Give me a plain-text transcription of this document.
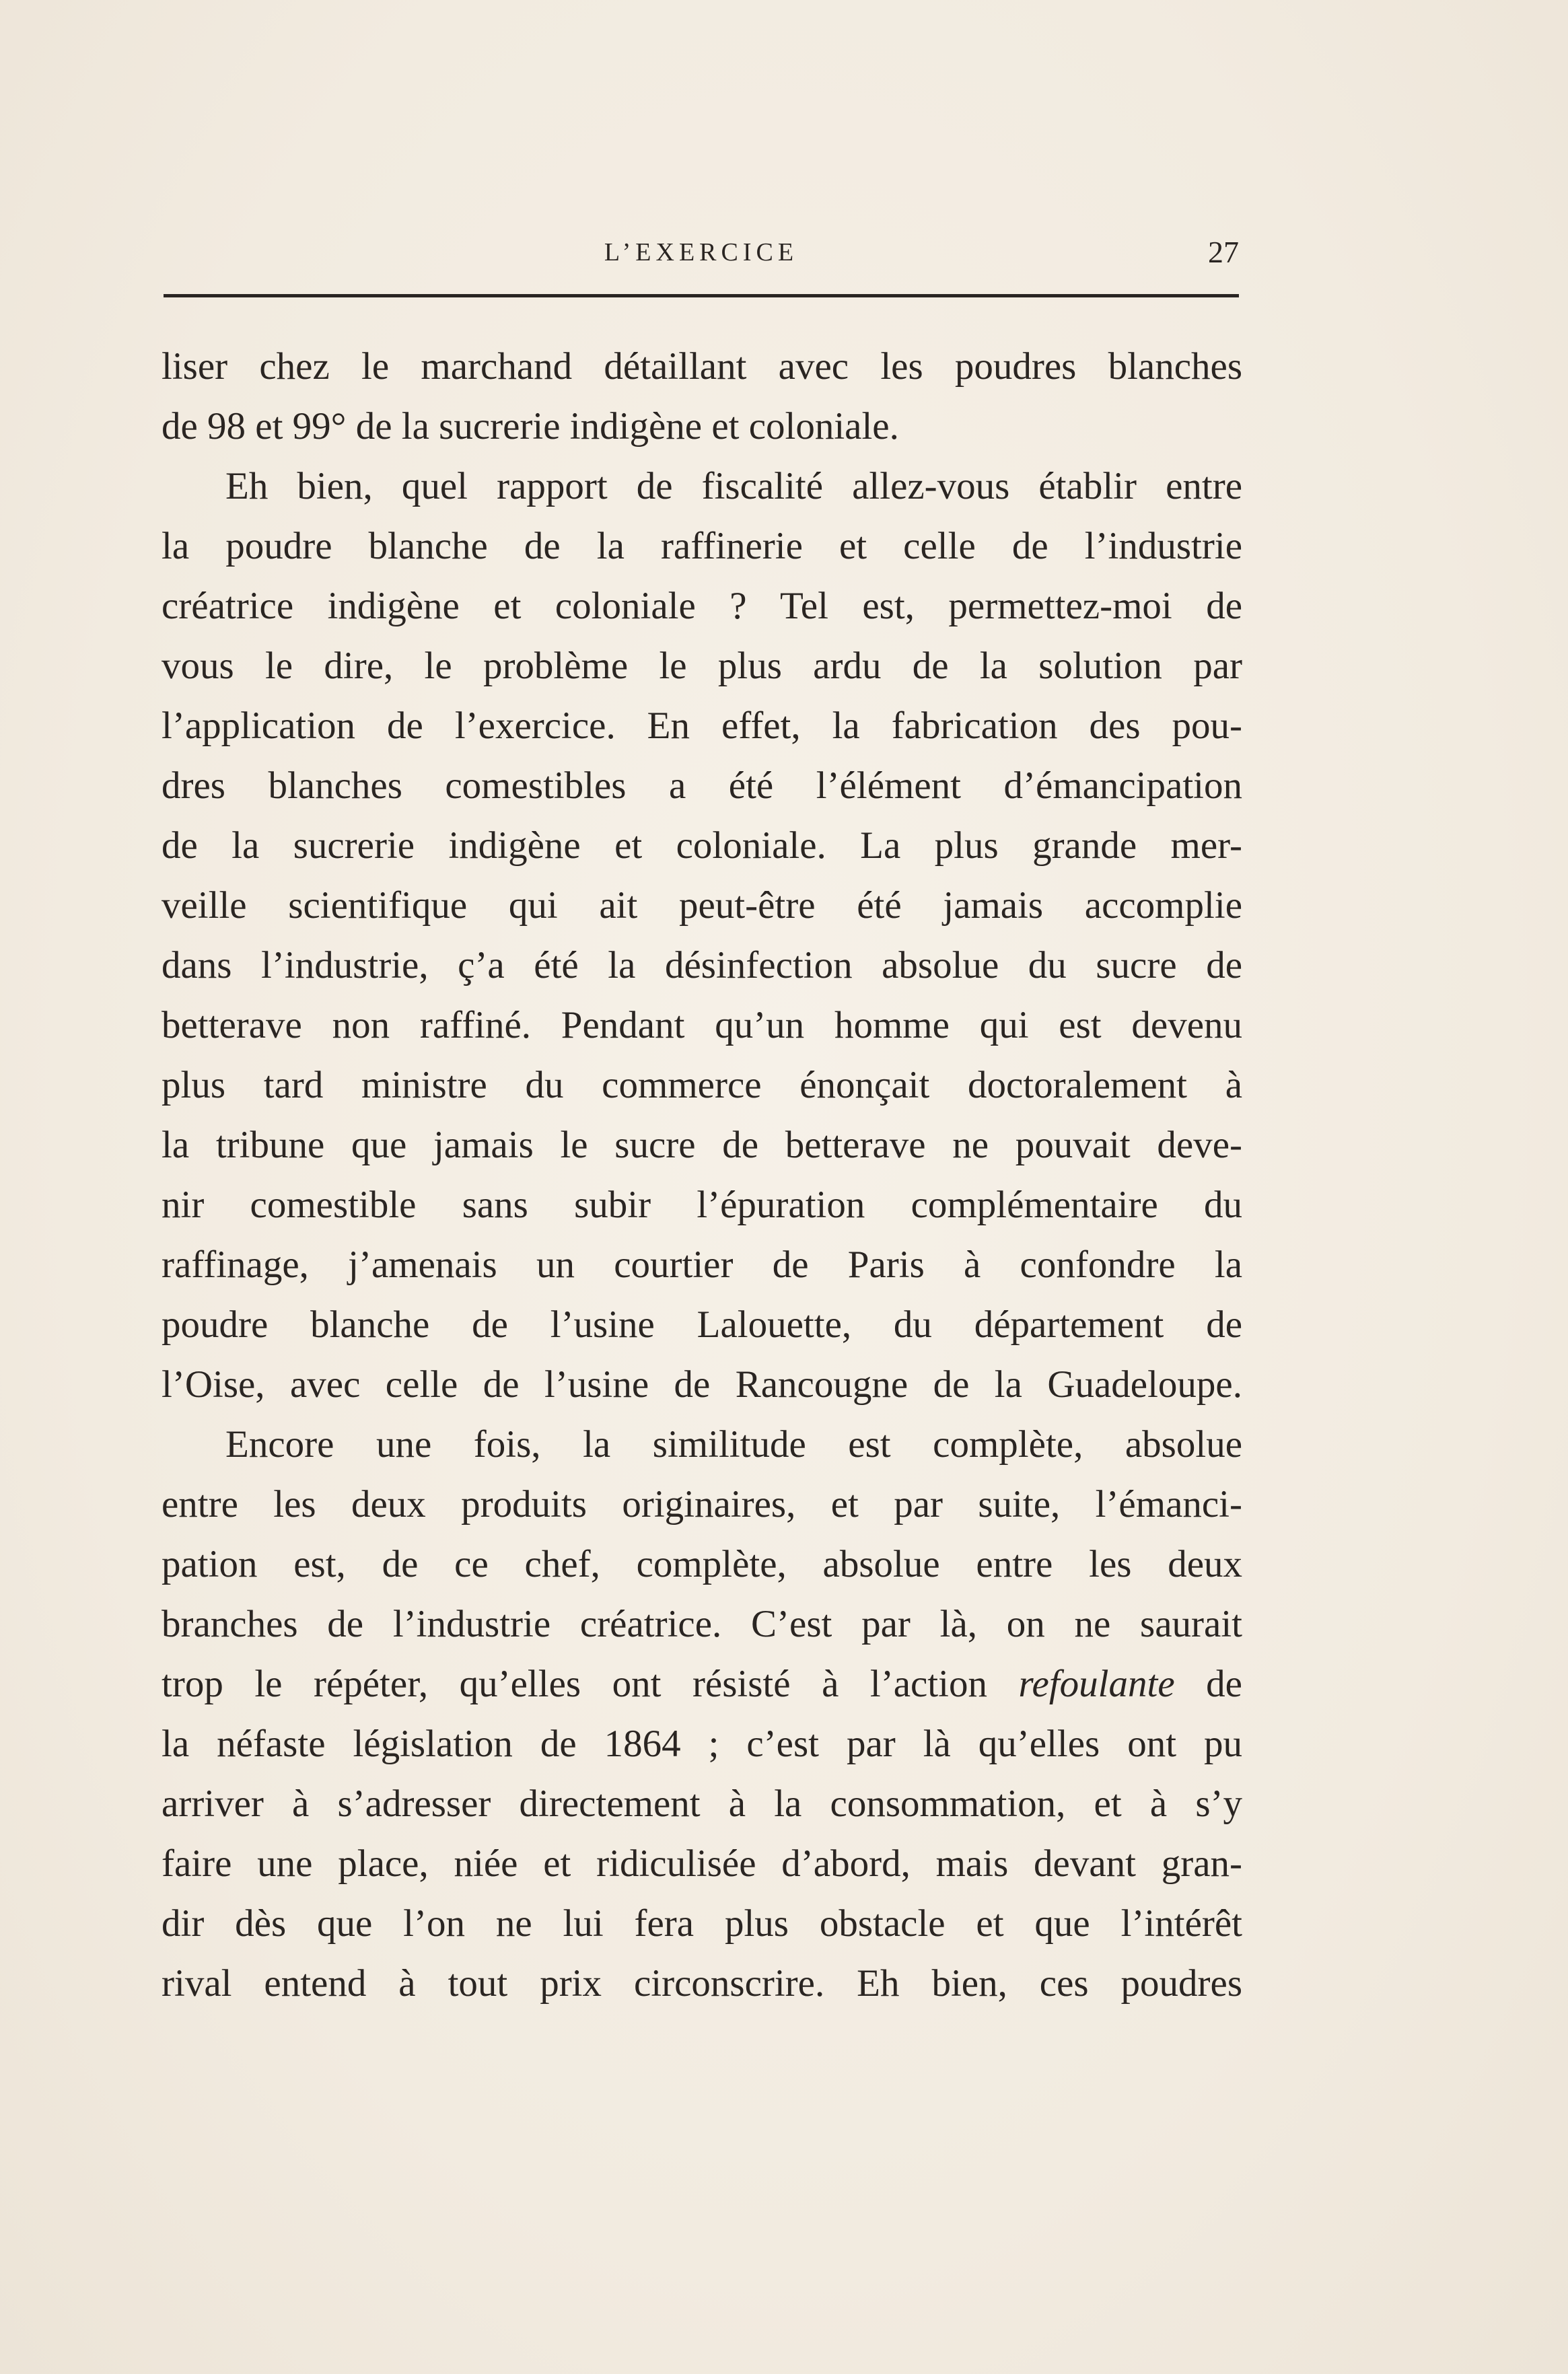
L’EXERCICE	27
liser chez le marchand détaillant avec les poudres blanches
de 98 et 99° de la sucrerie indigène et coloniale.
Eh bien, quel rapport de fiscalité allez-vous établir entre
la poudre blanche de la raffinerie et celle de l’industrie
créatrice indigène et coloniale ? Tel est, permettez-moi de
vous le dire, le problème le plus ardu de la solution par
l’application de l’exercice. En effet, la fabrication des pou-
dres blanches comestibles a été l’élément d’émancipation
de la sucrerie indigène et coloniale. La plus grande mer-
veille scientifique qui ait peut-être été jamais accomplie
dans l’industrie, ç’a été la désinfection absolue du sucre de
betterave non raffiné. Pendant qu’un homme qui est devenu
plus tard ministre du commerce énonçait doctoralement à
la tribune que jamais le sucre de betterave ne pouvait deve-
nir comestible sans subir l’épuration complémentaire du
raffinage, j’amenais un courtier de Paris à confondre la
poudre blanche de l’usine Lalouette, du département de
l’Oise, avec celle de l’usine de Rancougne de la Guadeloupe.
Encore une fois, la similitude est complète, absolue
entre les deux produits originaires, et par suite, l’émanci-
pation est, de ce chef, complète, absolue entre les deux
branches de l’industrie créatrice. C’est par là, on ne saurait
trop le répéter, qu’elles ont résisté à l’action refoulante de
la néfaste législation de 1864 ; c’est par là qu’elles ont pu
arriver à s’adresser directement à la consommation, et à s’y
faire une place, niée et ridiculisée d’abord, mais devant gran-
dir dès que l’on ne lui fera plus obstacle et que l’intérêt
rival entend à tout prix circonscrire. Eh bien, ces poudres
